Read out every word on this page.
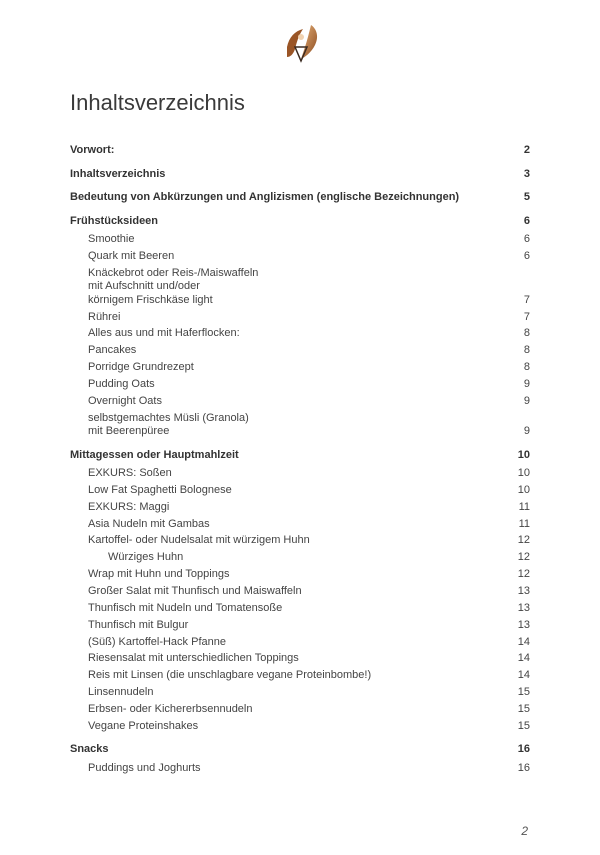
Inhaltsverzeichnis
Vorwort:	2
Inhaltsverzeichnis	3
Bedeutung von Abkürzungen und Anglizismen (englische Bezeichnungen)	5
Frühstücksideen	6
Smoothie	6
Quark mit Beeren	6
Knäckebrot oder Reis-/Maiswaffeln
mit Aufschnitt und/oder
körnigem Frischkäse light	7
Rührei	7
Alles aus und mit Haferflocken:	8
Pancakes	8
Porridge Grundrezept	8
Pudding Oats	9
Overnight Oats	9
selbstgemachtes Müsli (Granola)
mit Beerenpüree	9
Mittagessen oder Hauptmahlzeit	10
EXKURS: Soßen	10
Low Fat Spaghetti Bolognese	10
EXKURS: Maggi	11
Asia Nudeln mit Gambas	11
Kartoffel- oder Nudelsalat mit würzigem Huhn	12
Würziges Huhn	12
Wrap mit Huhn und Toppings	12
Großer Salat mit Thunfisch und Maiswaffeln	13
Thunfisch mit Nudeln und Tomatensoße	13
Thunfisch mit Bulgur	13
(Süß) Kartoffel-Hack Pfanne	14
Riesensalat mit unterschiedlichen Toppings	14
Reis mit Linsen (die unschlagbare vegane Proteinbombe!)	14
Linsennudeln	15
Erbsen- oder Kichererbsennudeln	15
Vegane Proteinshakes	15
Snacks	16
Puddings und Joghurts	16
2
